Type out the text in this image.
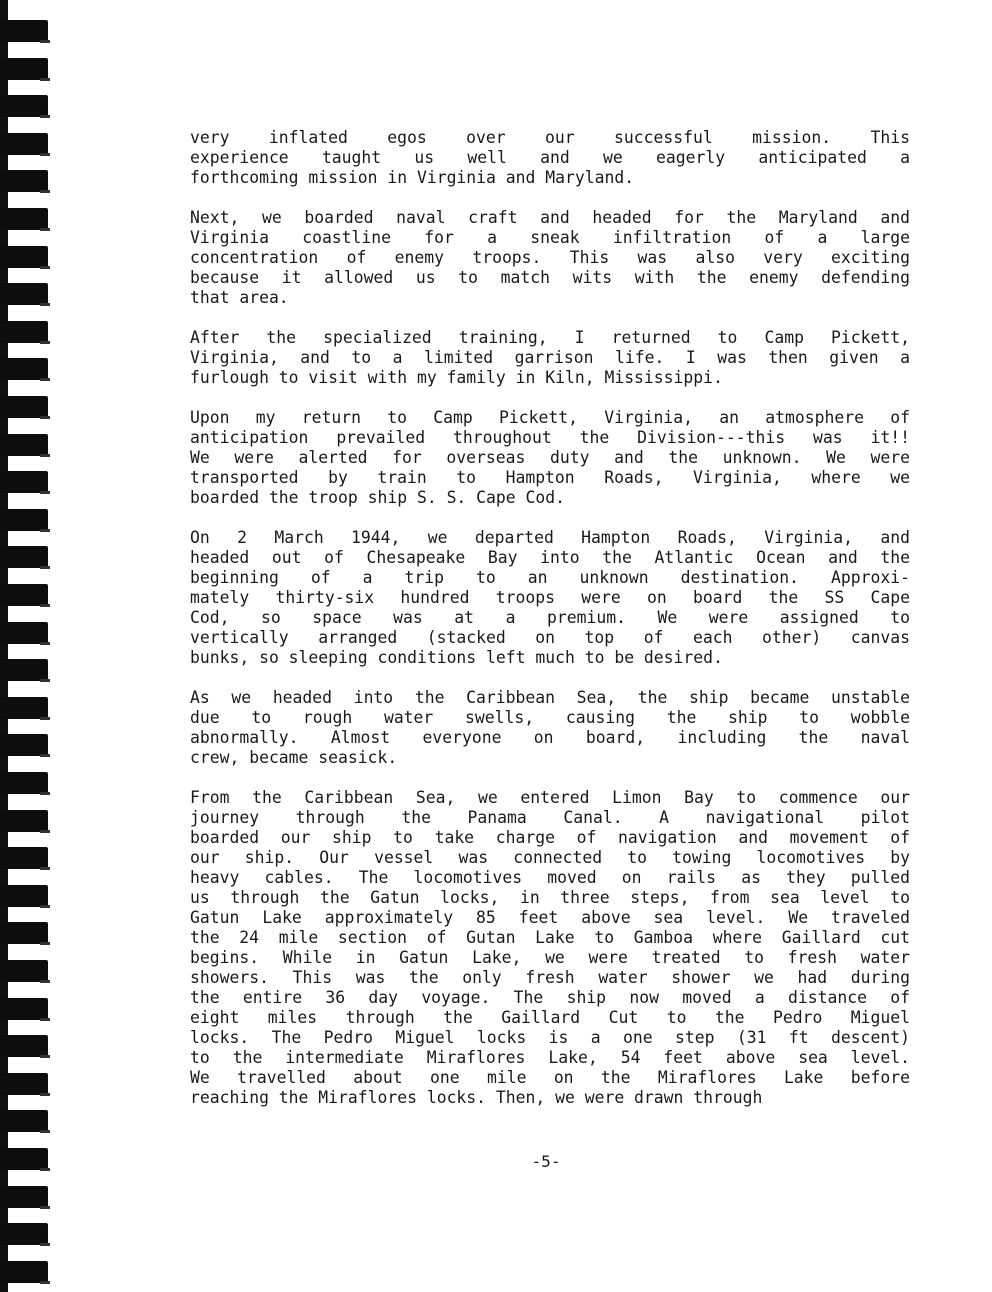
very inflated egos over our successful mission. This
experience taught us well and we eagerly anticipated a
forthcoming mission in Virginia and Maryland.

Next, we boarded naval craft and headed for the Maryland and
Virginia coastline for a sneak infiltration of a large
concentration of enemy troops. This was also very exciting
because it allowed us to match wits with the enemy defending
that area.

After the specialized training, I returned to Camp Pickett,
Virginia, and to a limited garrison life. I was then given a
furlough to visit with my family in Kiln, Mississippi.

Upon my return to Camp Pickett, Virginia, an atmosphere of
anticipation prevailed throughout the Division---this was it!!
We were alerted for overseas duty and the unknown. We were
transported by train to Hampton Roads, Virginia, where we
boarded the troop ship S. S. Cape Cod.

On 2 March 1944, we departed Hampton Roads, Virginia, and
headed out of Chesapeake Bay into the Atlantic Ocean and the
beginning of a trip to an unknown destination. Approxi-
mately thirty-six hundred troops were on board the SS Cape
Cod, so space was at a premium. We were assigned to
vertically arranged (stacked on top of each other) canvas
bunks, so sleeping conditions left much to be desired.

As we headed into the Caribbean Sea, the ship became unstable
due to rough water swells, causing the ship to wobble
abnormally. Almost everyone on board, including the naval
crew, became seasick.

From the Caribbean Sea, we entered Limon Bay to commence our
journey through the Panama Canal. A navigational pilot
boarded our ship to take charge of navigation and movement of
our ship. Our vessel was connected to towing locomotives by
heavy cables. The locomotives moved on rails as they pulled
us through the Gatun locks, in three steps, from sea level to
Gatun Lake approximately 85 feet above sea level. We traveled
the 24 mile section of Gutan Lake to Gamboa where Gaillard cut
begins. While in Gatun Lake, we were treated to fresh water
showers. This was the only fresh water shower we had during
the entire 36 day voyage. The ship now moved a distance of
eight miles through the Gaillard Cut to the Pedro Miguel
locks. The Pedro Miguel locks is a one step (31 ft descent)
to the intermediate Miraflores Lake, 54 feet above sea level.
We travelled about one mile on the Miraflores Lake before
reaching the Miraflores locks. Then, we were drawn through

-5-
